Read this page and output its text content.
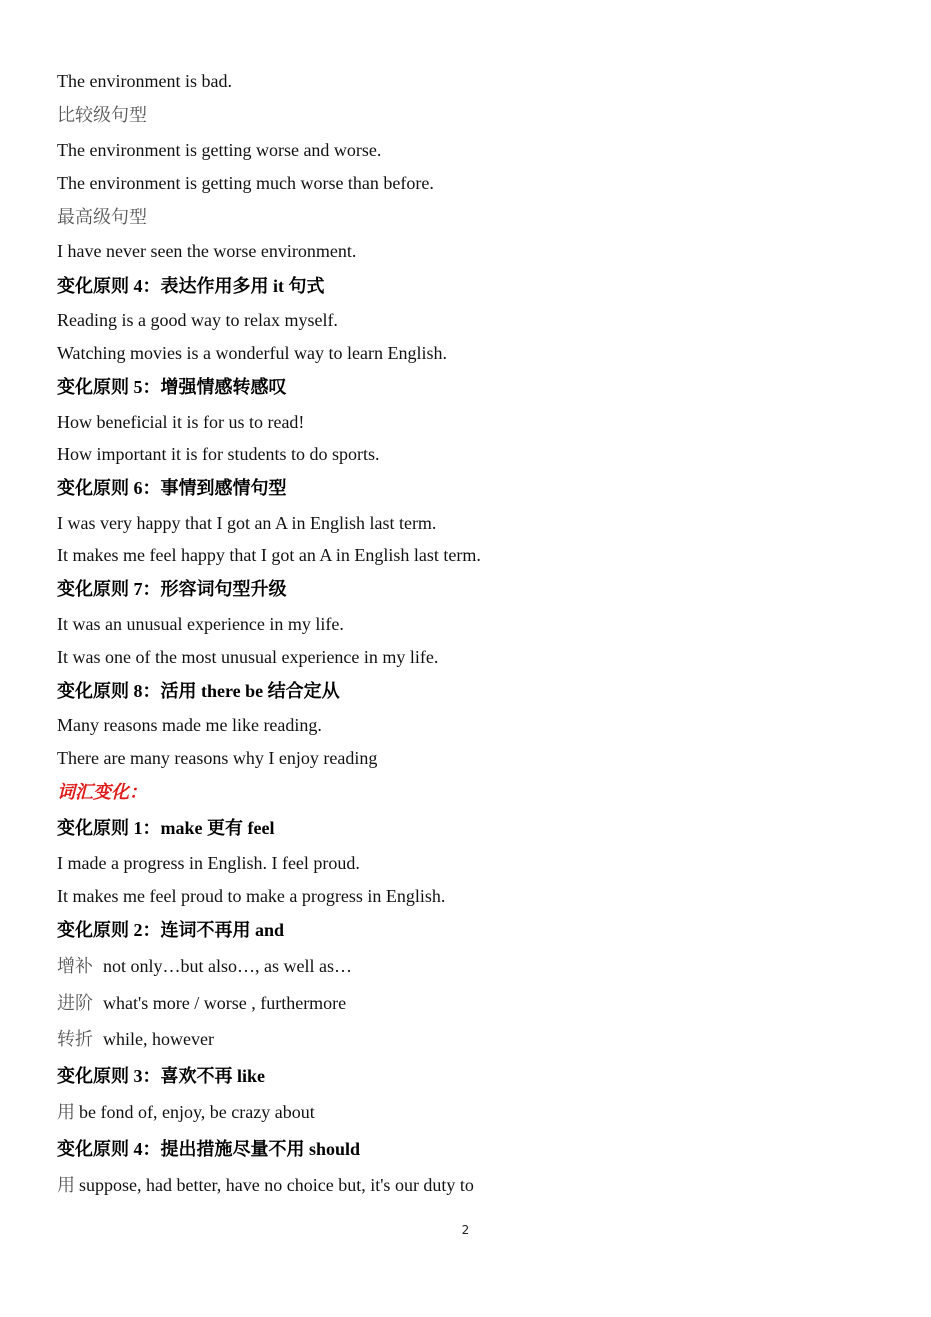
The environment is bad.
比较级句型
The environment is getting worse and worse.
The environment is getting much worse than before.
最高级句型
I have never seen the worse environment.
变化原则 4：表达作用多用 it 句式
Reading is a good way to relax myself.
Watching movies is a wonderful way to learn English.
变化原则 5：增强情感转感叹
How beneficial it is for us to read!
How important it is for students to do sports.
变化原则 6：事情到感情句型
I was very happy that I got an A in English last term.
It makes me feel happy that I got an A in English last term.
变化原则 7：形容词句型升级
It was an unusual experience in my life.
It was one of the most unusual experience in my life.
变化原则 8：活用 there be 结合定从
Many reasons made me like reading.
There are many reasons why I enjoy reading
词汇变化：
变化原则 1：make 更有 feel
I made a progress in English. I feel proud.
It makes me feel proud to make a progress in English.
变化原则 2：连词不再用 and
增补 not only…but also…, as well as…
进阶 what's more / worse , furthermore
转折 while, however
变化原则 3：喜欢不再 like
用 be fond of, enjoy, be crazy about
变化原则 4：提出措施尽量不用 should
用 suppose, had better, have no choice but, it's our duty to
2
